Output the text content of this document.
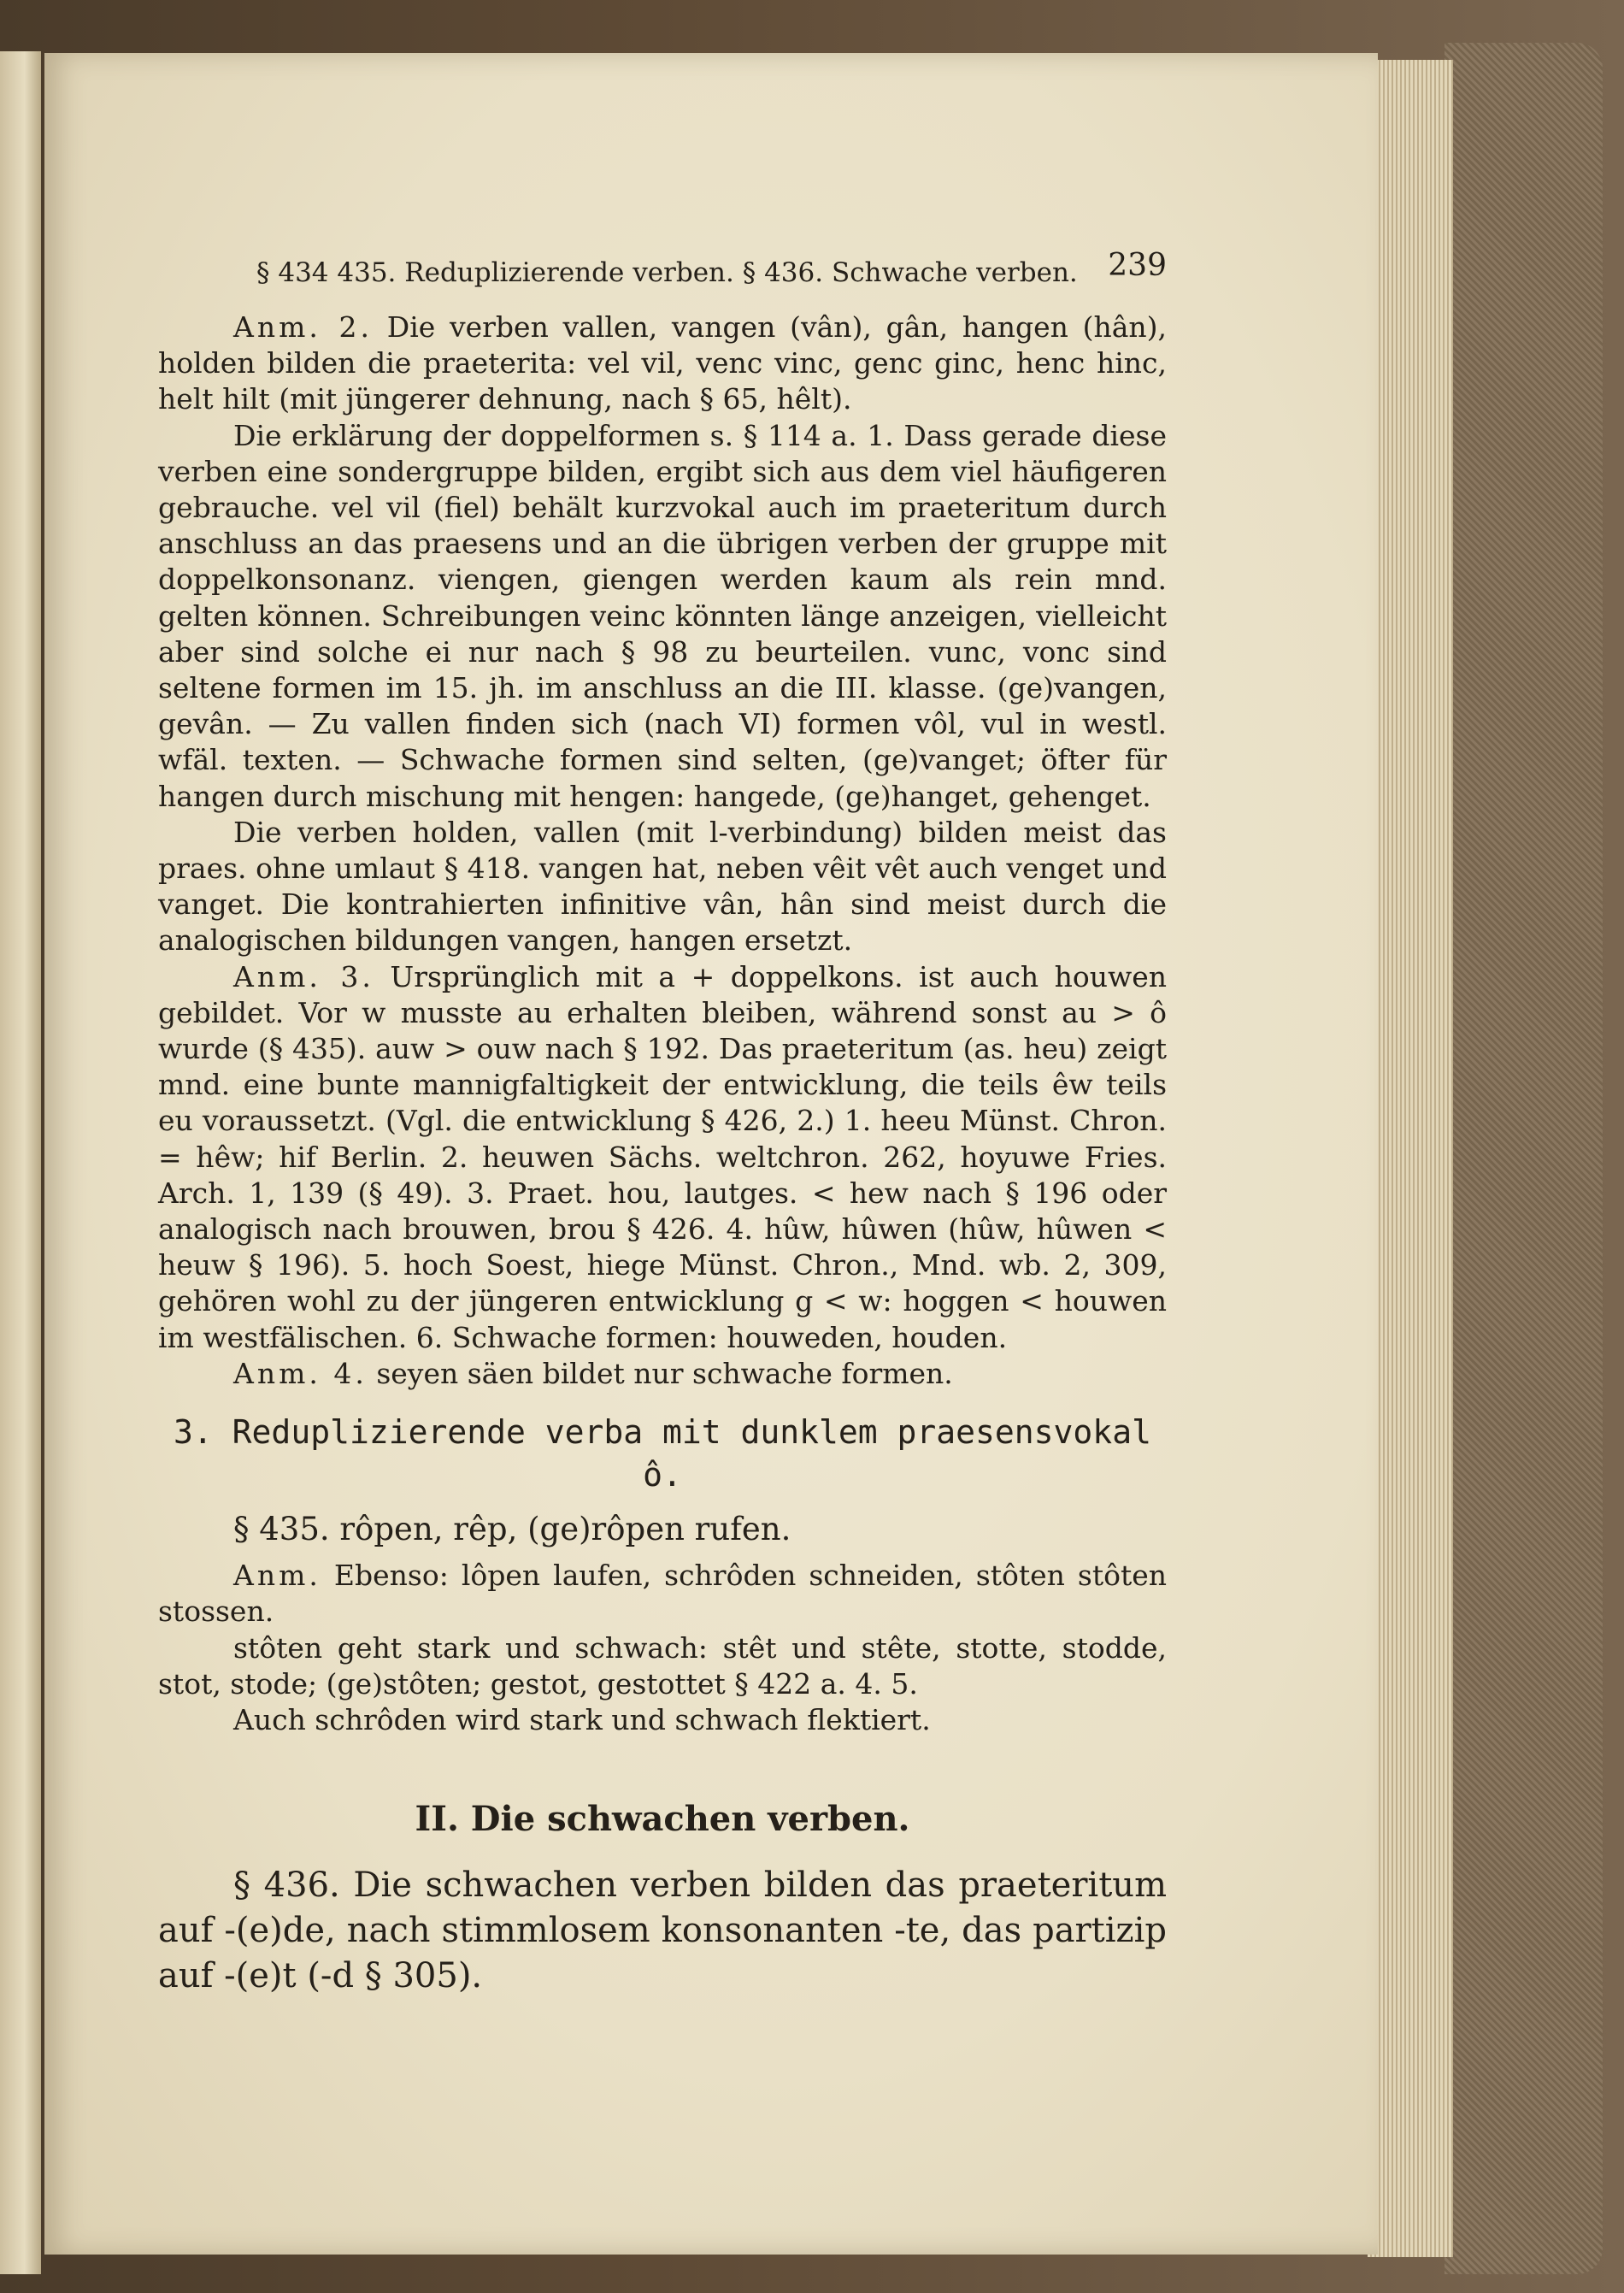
§ 434 435. Reduplizierende verben. § 436. Schwache verben. 239

Anm. 2. Die verben vallen, vangen (vân), gân, hangen (hân), holden bilden die praeterita: vel vil, venc vinc, genc ginc, henc hinc, helt hilt (mit jüngerer dehnung, nach § 65, hêlt).

Die erklärung der doppelformen s. § 114 a. 1. Dass gerade diese verben eine sondergruppe bilden, ergibt sich aus dem viel häufigeren gebrauche. vel vil (fiel) behält kurzvokal auch im praeteritum durch anschluss an das praesens und an die übrigen verben der gruppe mit doppelkonsonanz. viengen, giengen werden kaum als rein mnd. gelten können. Schreibungen veinc könnten länge anzeigen, vielleicht aber sind solche ei nur nach § 98 zu beurteilen. vunc, vonc sind seltene formen im 15. jh. im anschluss an die III. klasse. (ge)vangen, gevân. — Zu vallen finden sich (nach VI) formen vôl, vul in westl. wfäl. texten. — Schwache formen sind selten, (ge)vanget; öfter für hangen durch mischung mit hengen: hangede, (ge)hanget, gehenget.

Die verben holden, vallen (mit l-verbindung) bilden meist das praes. ohne umlaut § 418. vangen hat, neben vêit vêt auch venget und vanget. Die kontrahierten infinitive vân, hân sind meist durch die analogischen bildungen vangen, hangen ersetzt.

Anm. 3. Ursprünglich mit a + doppelkons. ist auch houwen gebildet. Vor w musste au erhalten bleiben, während sonst au > ô wurde (§ 435). auw > ouw nach § 192. Das praeteritum (as. heu) zeigt mnd. eine bunte mannigfaltigkeit der entwicklung, die teils êw teils eu voraussetzt. (Vgl. die entwicklung § 426, 2.) 1. heeu Münst. Chron. = hêw; hif Berlin. 2. heuwen Sächs. weltchron. 262, hoyuwe Fries. Arch. 1, 139 (§ 49). 3. Praet. hou, lautges. < hew nach § 196 oder analogisch nach brouwen, brou § 426. 4. hûw, hûwen (hûw, hûwen < heuw § 196). 5. hoch Soest, hiege Münst. Chron., Mnd. wb. 2, 309, gehören wohl zu der jüngeren entwicklung g < w: hoggen < houwen im westfälischen. 6. Schwache formen: houweden, houden.

Anm. 4. seyen säen bildet nur schwache formen.

3. Reduplizierende verba mit dunklem praesensvokal ô.

§ 435. rôpen, rêp, (ge)rôpen rufen.

Anm. Ebenso: lôpen laufen, schrôden schneiden, stôten stôten stossen.

stôten geht stark und schwach: stêt und stête, stotte, stodde, stot, stode; (ge)stôten; gestot, gestottet § 422 a. 4. 5.

Auch schrôden wird stark und schwach flektiert.

II. Die schwachen verben.

§ 436. Die schwachen verben bilden das praeteritum auf -(e)de, nach stimmlosem konsonanten -te, das partizip auf -(e)t (-d § 305).
